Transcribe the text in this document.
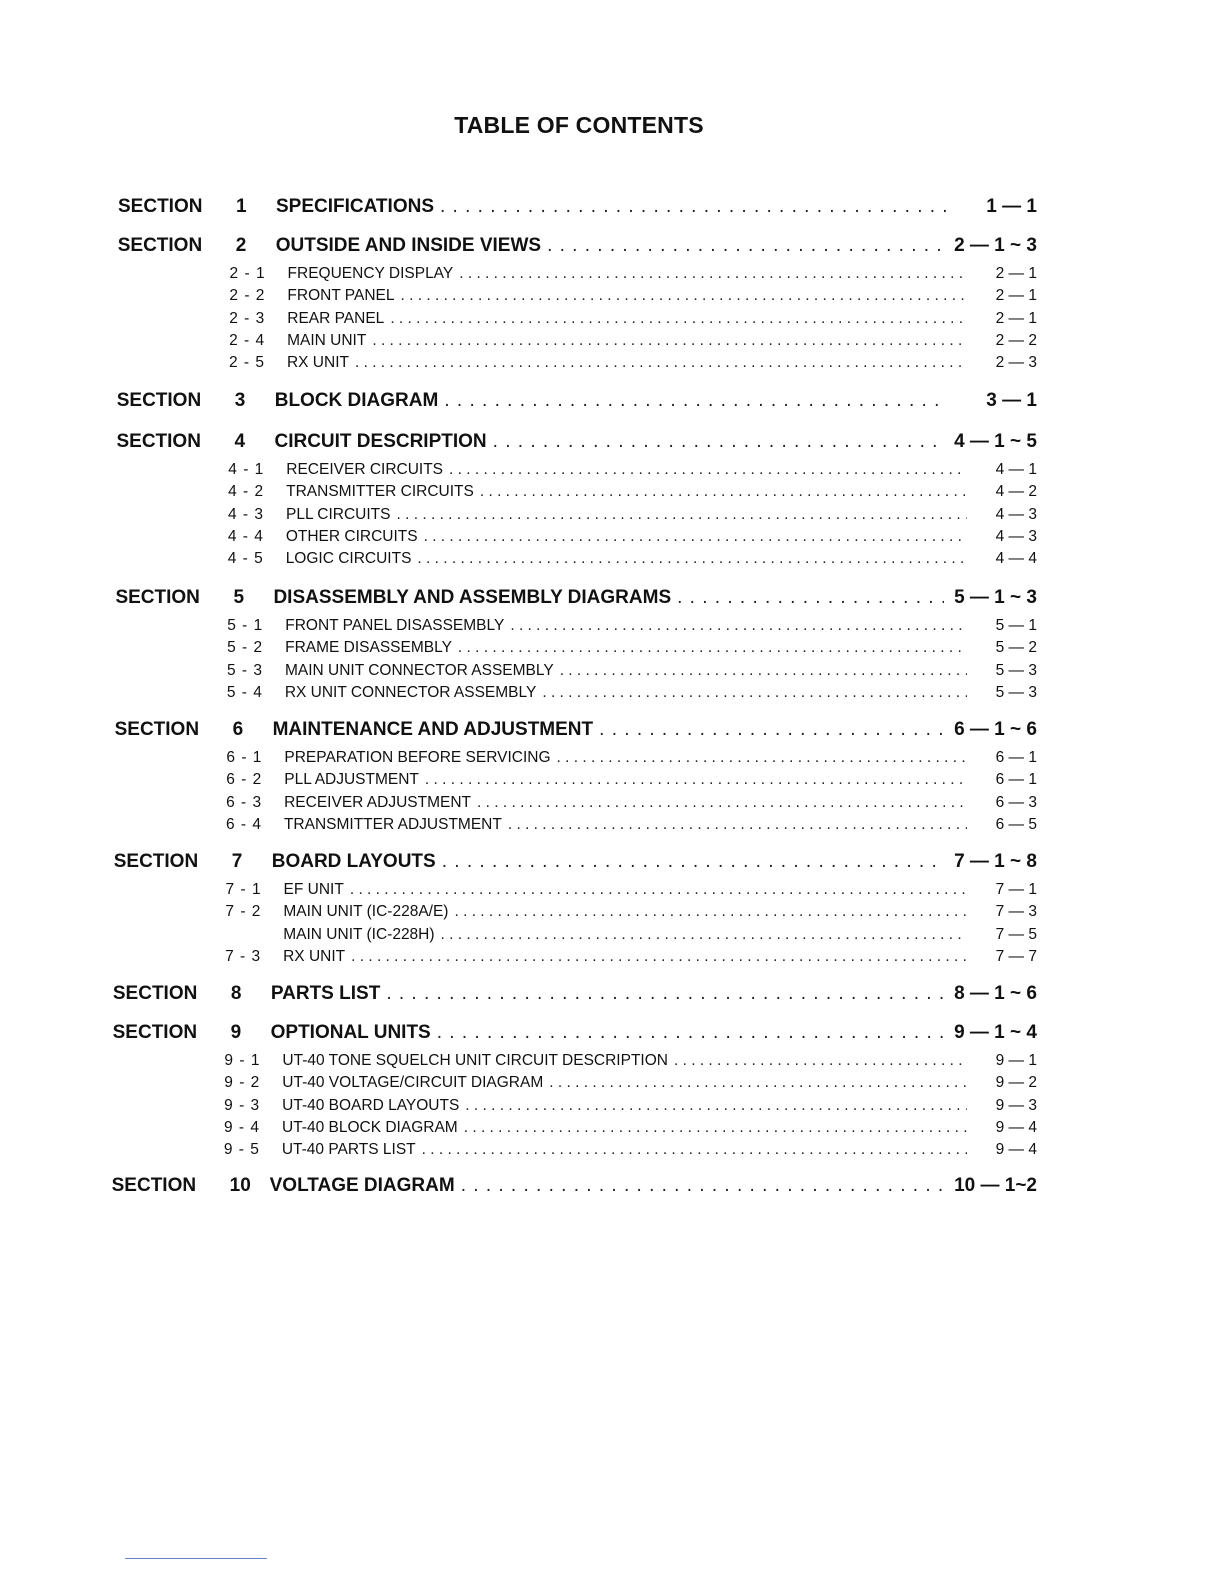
TABLE OF CONTENTS
SECTION	1	SPECIFICATIONS . . .	1 — 1
SECTION	2	OUTSIDE AND INSIDE VIEWS . . .	2 — 1 ~ 3
2 - 1	FREQUENCY DISPLAY . . .	2 — 1
2 - 2	FRONT PANEL . . .	2 — 1
2 - 3	REAR PANEL . . .	2 — 1
2 - 4	MAIN UNIT . . .	2 — 2
2 - 5	RX UNIT . . .	2 — 3
SECTION	3	BLOCK DIAGRAM . . .	3 — 1
SECTION	4	CIRCUIT DESCRIPTION . . .	4 — 1 ~ 5
4 - 1	RECEIVER CIRCUITS . . .	4 — 1
4 - 2	TRANSMITTER CIRCUITS . . .	4 — 2
4 - 3	PLL CIRCUITS . . .	4 — 3
4 - 4	OTHER CIRCUITS . . .	4 — 3
4 - 5	LOGIC CIRCUITS . . .	4 — 4
SECTION	5	DISASSEMBLY AND ASSEMBLY DIAGRAMS . . .	5 — 1 ~ 3
5 - 1	FRONT PANEL DISASSEMBLY . . .	5 — 1
5 - 2	FRAME DISASSEMBLY . . .	5 — 2
5 - 3	MAIN UNIT CONNECTOR ASSEMBLY . . .	5 — 3
5 - 4	RX UNIT CONNECTOR ASSEMBLY . . .	5 — 3
SECTION	6	MAINTENANCE AND ADJUSTMENT . . .	6 — 1 ~ 6
6 - 1	PREPARATION BEFORE SERVICING . . .	6 — 1
6 - 2	PLL ADJUSTMENT . . .	6 — 1
6 - 3	RECEIVER ADJUSTMENT . . .	6 — 3
6 - 4	TRANSMITTER ADJUSTMENT . . .	6 — 5
SECTION	7	BOARD LAYOUTS . . .	7 — 1 ~ 8
7 - 1	EF UNIT . . .	7 — 1
7 - 2	MAIN UNIT (IC-228A/E) . . .	7 — 3
MAIN UNIT (IC-228H) . . .	7 — 5
7 - 3	RX UNIT . . .	7 — 7
SECTION	8	PARTS LIST . . .	8 — 1 ~ 6
SECTION	9	OPTIONAL UNITS . . .	9 — 1 ~ 4
9 - 1	UT-40 TONE SQUELCH UNIT CIRCUIT DESCRIPTION . . .	9 — 1
9 - 2	UT-40 VOLTAGE/CIRCUIT DIAGRAM . . .	9 — 2
9 - 3	UT-40 BOARD LAYOUTS . . .	9 — 3
9 - 4	UT-40 BLOCK DIAGRAM . . .	9 — 4
9 - 5	UT-40 PARTS LIST . . .	9 — 4
SECTION	10 VOLTAGE DIAGRAM . . .	10 — 1~2
